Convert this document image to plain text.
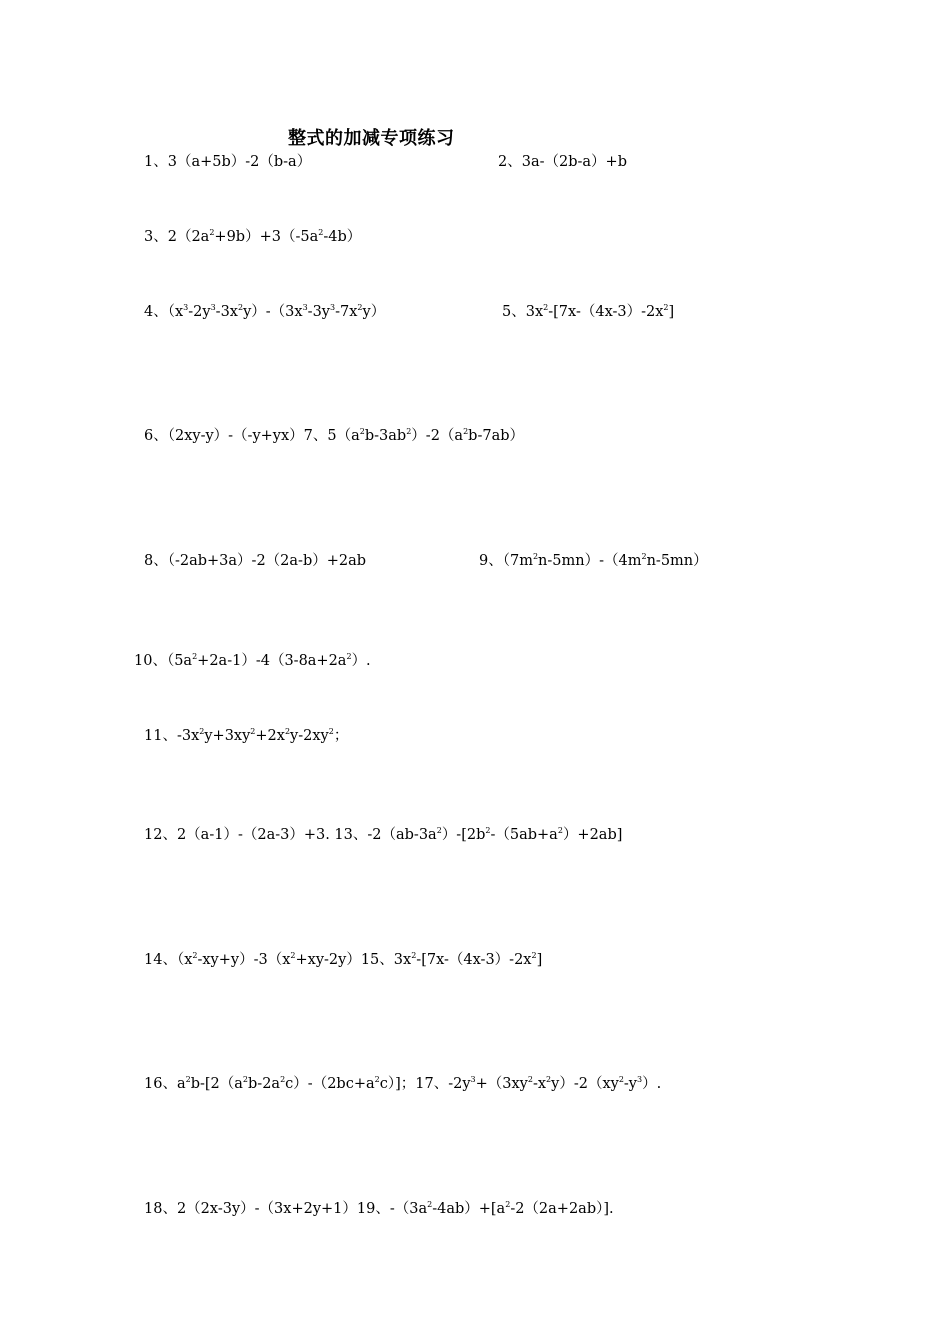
整式的加减专项练习
1、3（a+5b）-2（b-a）	2、3a-（2b-a）+b
3、$2(2a^2+9b)+3(-5a^2-4b)$
4、$(x^3-2y^3-3x^2y)-(3x^3-3y^3-7x^2y)$	5、$3x^2-[7x-(4x-3)-2x^2]$
6、（2xy-y）-（-y+yx）7、$5(a^2b-3ab^2)-2(a^2b-7ab)$
8、（-2ab+3a）-2（2a-b）+2ab	9、$(7m^2n-5mn)-(4m^2n-5mn)$
10、$(5a^2+2a-1)-4(3-8a+2a^2)$.
11、$-3x^2y+3xy^2+2x^2y-2xy^2$；
12、2（a-1）-（2a-3）+3. 13、$-2(ab-3a^2)-[2b^2-(5ab+a^2)+2ab]$
14、$(x^2-xy+y)-3(x^2+xy-2y)15$、$3x^2-[7x-(4x-3)-2x^2]$
16、$a^2b-[2(a^2b-2a^2c)-(2bc+a^2c)]$；17、$-2y^3+(3xy^2-x^2y)-2(xy^2-y^3)$.
18、2（2x-3y）-（3x+2y+1）19、$-(3a^2-4ab)+[a^2-2(2a+2ab)]$.
